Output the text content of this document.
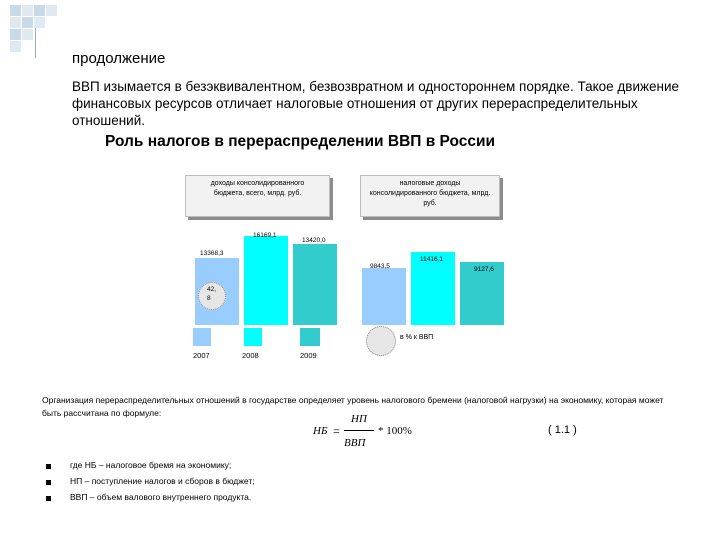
продолжение
ВВП изымается в безэквивалентном, безвозвратном и одностороннем порядке. Такое движение финансовых ресурсов отличает налоговые отношения от других перераспределительных отношений.
Роль налогов в перераспределении ВВП в России
доходы консолидированного бюджета, всего, млрд. руб.
налоговые доходы консолидированного бюджета, млрд. руб.
13368,3
16169,1
13420,0
9843,5
11416,1
9127,6
42,
8
2007	2008	2009
в % к ВВП
Организация перераспределительных отношений в государстве определяет уровень налогового бремени (налоговой нагрузки) на экономику, которая может быть рассчитана по формуле:
НБ =
НП
ВВП
* 100%	( 1.1 )
где НБ – налоговое бремя на экономику;
НП – поступление налогов и сборов в бюджет;
ВВП – объем валового внутреннего продукта.
